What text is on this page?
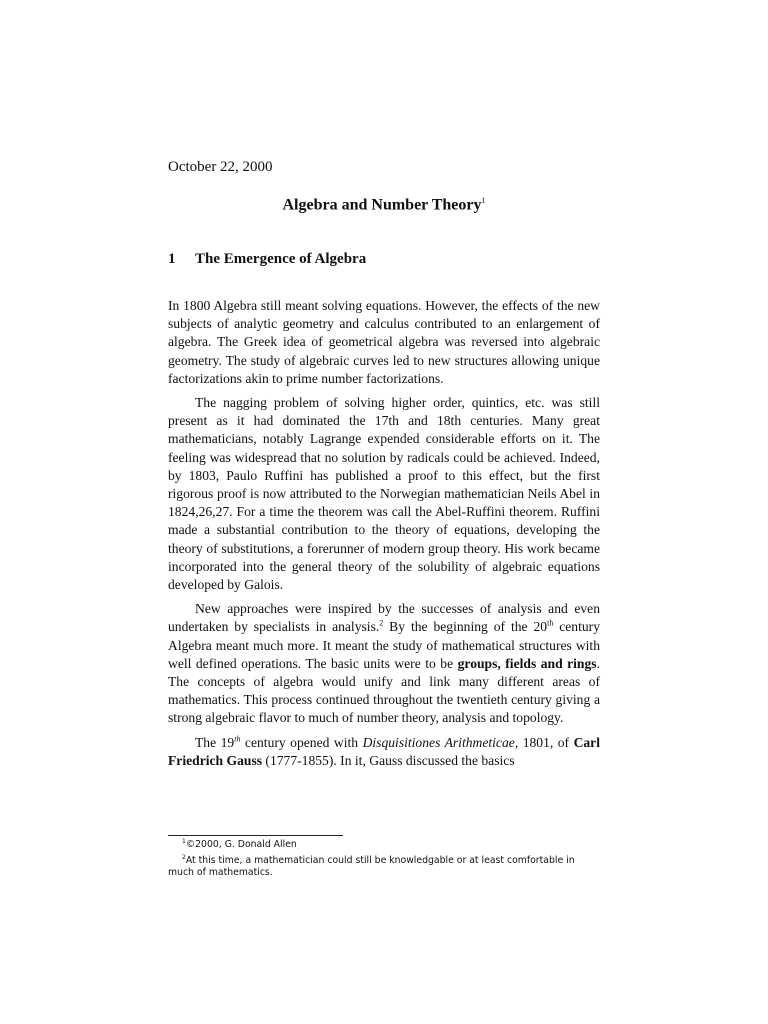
October 22, 2000
Algebra and Number Theory$^1$
1 The Emergence of Algebra

In 1800 Algebra still meant solving equations. However, the effects of the new subjects of analytic geometry and calculus contributed to an enlargement of algebra. The Greek idea of geometrical algebra was reversed into algebraic geometry. The study of algebraic curves led to new structures allowing unique factorizations akin to prime number factorizations.

The nagging problem of solving higher order, quintics, etc. was still present as it had dominated the 17th and 18th centuries. Many great mathematicians, notably Lagrange expended considerable efforts on it. The feeling was widespread that no solution by radicals could be achieved. Indeed, by 1803, Paulo Ruffini has published a proof to this effect, but the first rigorous proof is now attributed to the Norwegian mathematician Neils Abel in 1824,26,27. For a time the theorem was call the Abel-Ruffini theorem. Ruffini made a substantial contribution to the theory of equations, developing the theory of substitutions, a forerunner of modern group theory. His work became incorporated into the general theory of the solubility of algebraic equations developed by Galois.

New approaches were inspired by the successes of analysis and even undertaken by specialists in analysis.$^2$ By the beginning of the 20th century Algebra meant much more. It meant the study of mathematical structures with well defined operations. The basic units were to be groups, fields and rings. The concepts of algebra would unify and link many different areas of mathematics. This process continued throughout the twentieth century giving a strong algebraic flavor to much of number theory, analysis and topology.

The 19th century opened with Disquisitiones Arithmeticae, 1801, of Carl Friedrich Gauss (1777-1855). In it, Gauss discussed the basics

$^1$©2000, G. Donald Allen

$^2$At this time, a mathematician could still be knowledgable or at least comfortable in much of mathematics.
